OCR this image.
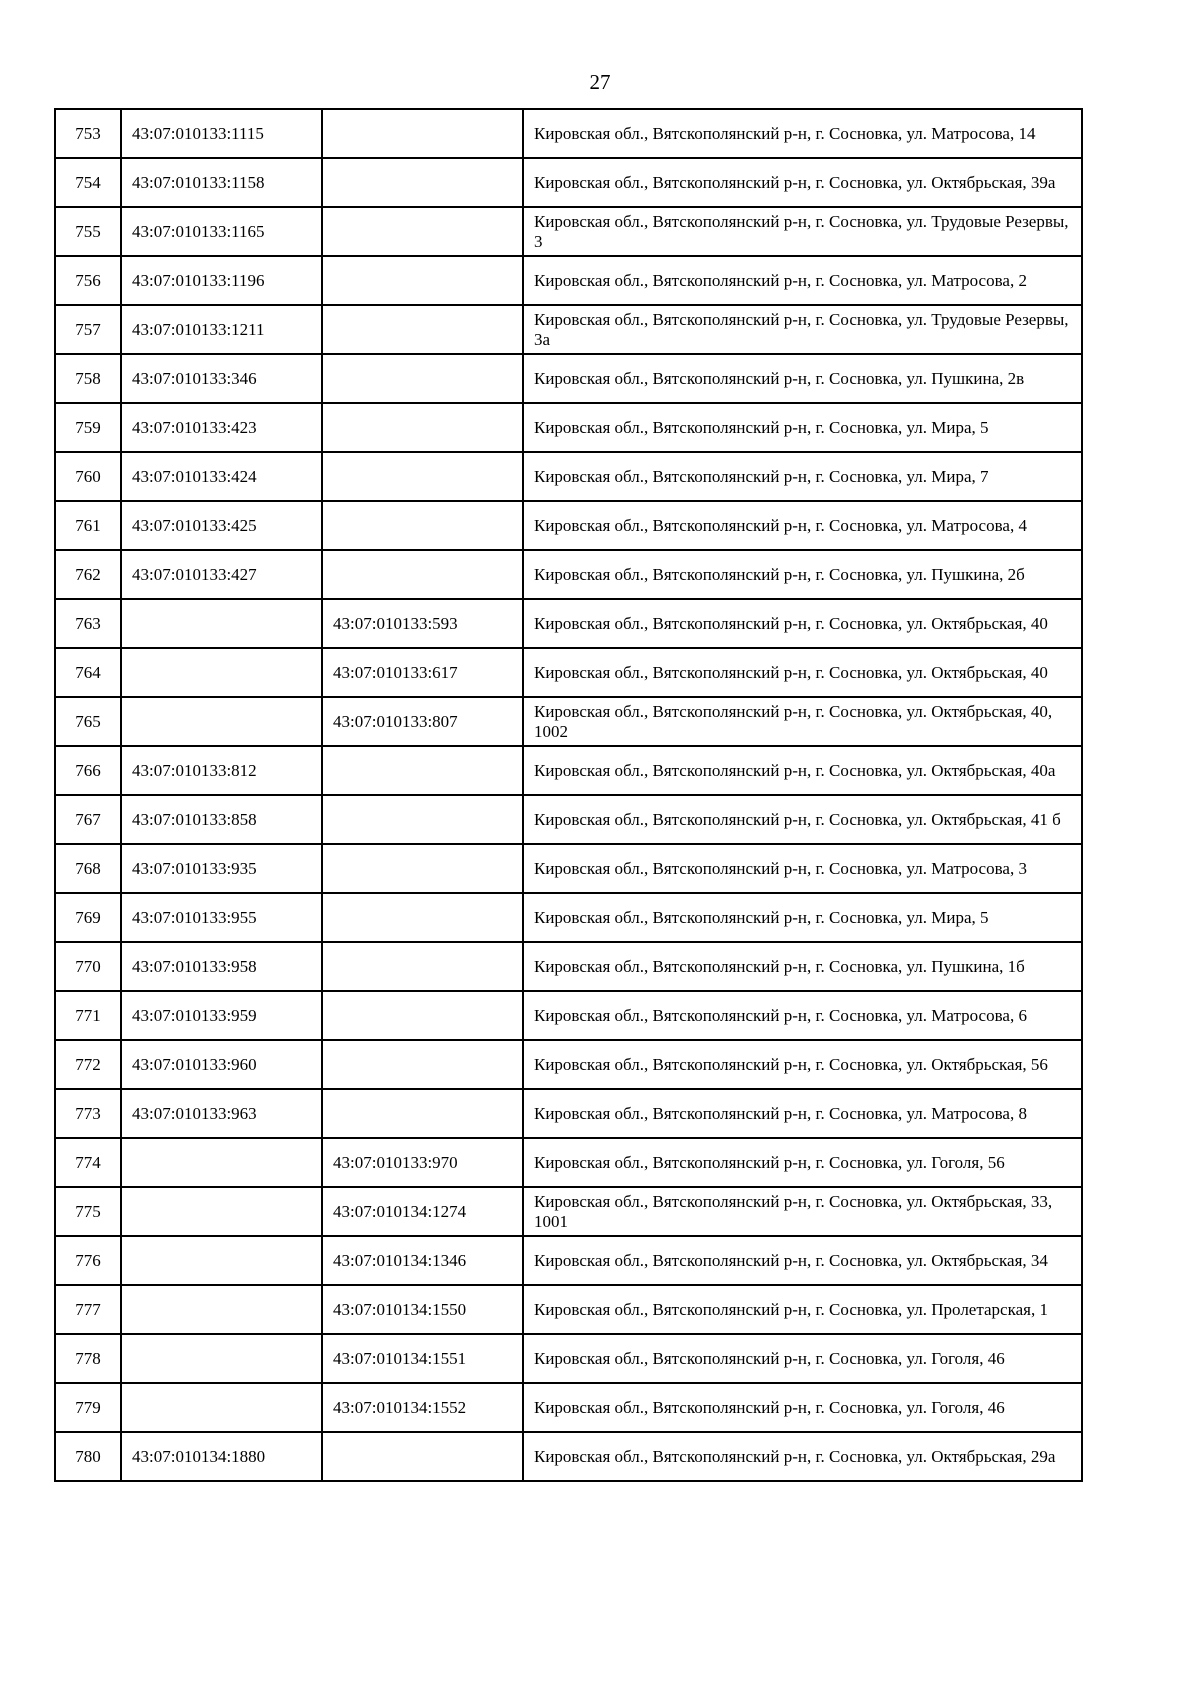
27
753	43:07:010133:1115		Кировская обл., Вятскополянский р-н, г. Сосновка, ул. Матросова, 14
754	43:07:010133:1158		Кировская обл., Вятскополянский р-н, г. Сосновка, ул. Октябрьская, 39а
755	43:07:010133:1165		Кировская обл., Вятскополянский р-н, г. Сосновка, ул. Трудовые Резервы, 3
756	43:07:010133:1196		Кировская обл., Вятскополянский р-н, г. Сосновка, ул. Матросова, 2
757	43:07:010133:1211		Кировская обл., Вятскополянский р-н, г. Сосновка, ул. Трудовые Резервы, 3а
758	43:07:010133:346		Кировская обл., Вятскополянский р-н, г. Сосновка, ул. Пушкина, 2в
759	43:07:010133:423		Кировская обл., Вятскополянский р-н, г. Сосновка, ул. Мира, 5
760	43:07:010133:424		Кировская обл., Вятскополянский р-н, г. Сосновка, ул. Мира, 7
761	43:07:010133:425		Кировская обл., Вятскополянский р-н, г. Сосновка, ул. Матросова, 4
762	43:07:010133:427		Кировская обл., Вятскополянский р-н, г. Сосновка, ул. Пушкина, 2б
763		43:07:010133:593	Кировская обл., Вятскополянский р-н, г. Сосновка, ул. Октябрьская, 40
764		43:07:010133:617	Кировская обл., Вятскополянский р-н, г. Сосновка, ул. Октябрьская, 40
765		43:07:010133:807	Кировская обл., Вятскополянский р-н, г. Сосновка, ул. Октябрьская, 40, 1002
766	43:07:010133:812		Кировская обл., Вятскополянский р-н, г. Сосновка, ул. Октябрьская, 40а
767	43:07:010133:858		Кировская обл., Вятскополянский р-н, г. Сосновка, ул. Октябрьская, 41 б
768	43:07:010133:935		Кировская обл., Вятскополянский р-н, г. Сосновка, ул. Матросова, 3
769	43:07:010133:955		Кировская обл., Вятскополянский р-н, г. Сосновка, ул. Мира, 5
770	43:07:010133:958		Кировская обл., Вятскополянский р-н, г. Сосновка, ул. Пушкина, 1б
771	43:07:010133:959		Кировская обл., Вятскополянский р-н, г. Сосновка, ул. Матросова, 6
772	43:07:010133:960		Кировская обл., Вятскополянский р-н, г. Сосновка, ул. Октябрьская, 56
773	43:07:010133:963		Кировская обл., Вятскополянский р-н, г. Сосновка, ул. Матросова, 8
774		43:07:010133:970	Кировская обл., Вятскополянский р-н, г. Сосновка, ул. Гоголя, 56
775		43:07:010134:1274	Кировская обл., Вятскополянский р-н, г. Сосновка, ул. Октябрьская, 33, 1001
776		43:07:010134:1346	Кировская обл., Вятскополянский р-н, г. Сосновка, ул. Октябрьская, 34
777		43:07:010134:1550	Кировская обл., Вятскополянский р-н, г. Сосновка, ул. Пролетарская, 1
778		43:07:010134:1551	Кировская обл., Вятскополянский р-н, г. Сосновка, ул. Гоголя, 46
779		43:07:010134:1552	Кировская обл., Вятскополянский р-н, г. Сосновка, ул. Гоголя, 46
780	43:07:010134:1880		Кировская обл., Вятскополянский р-н, г. Сосновка, ул. Октябрьская, 29а
